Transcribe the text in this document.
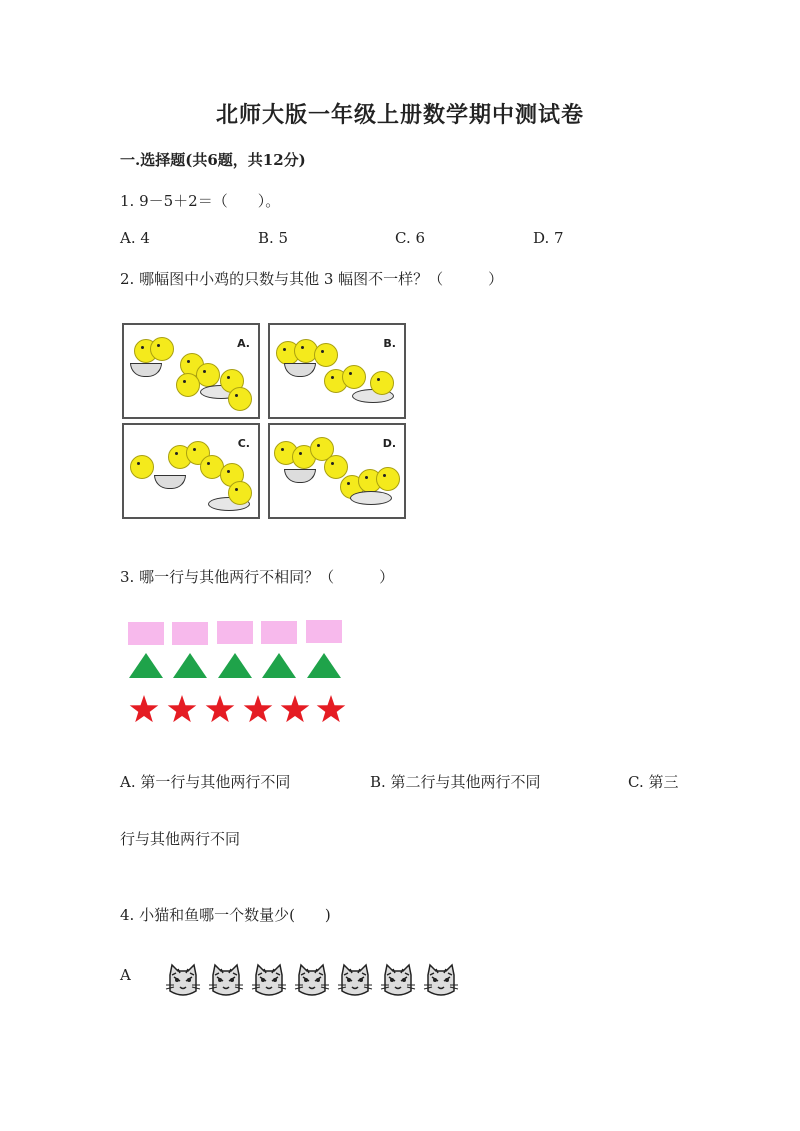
北师大版一年级上册数学期中测试卷
一.选择题(共6题，共12分)
1. 9－5＋2＝（　　）。
A. 4	B. 5	C. 6	D. 7
2. 哪幅图中小鸡的只数与其他 3 幅图不一样？（　　　）
A.	B.
C.	D.
3. 哪一行与其他两行不相同？（　　　）
A. 第一行与其他两行不同	B. 第二行与其他两行不同	C. 第三
行与其他两行不同
4. 小猫和鱼哪一个数量少(　　)
A
